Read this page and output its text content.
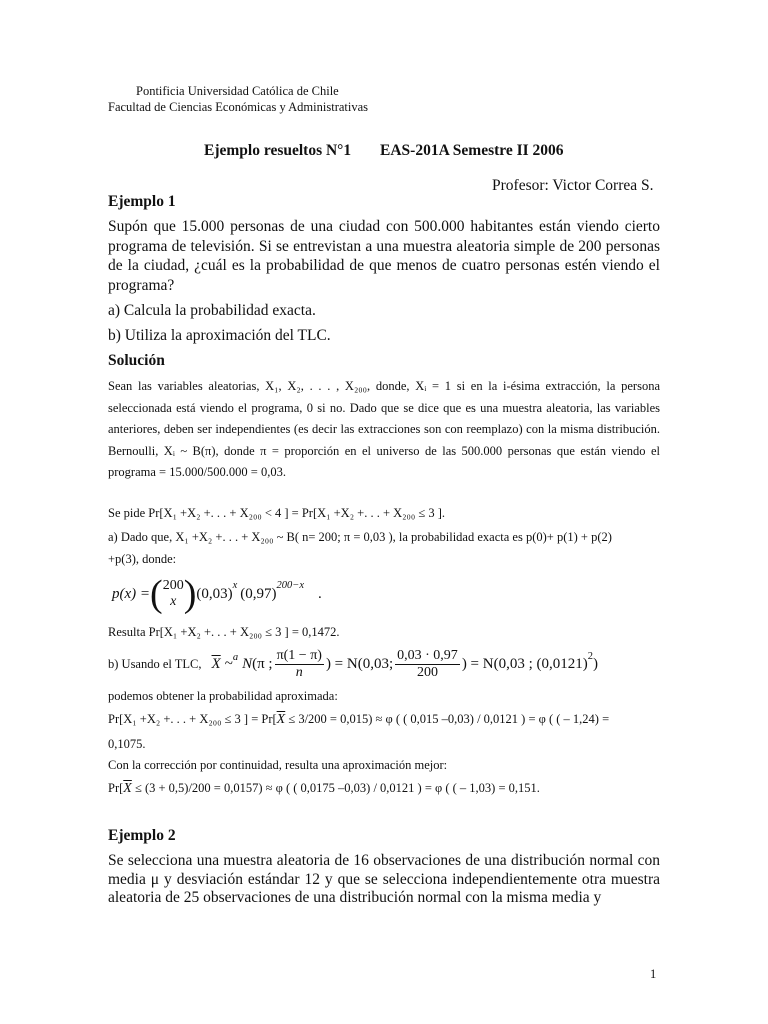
Pontificia Universidad Católica de Chile
Facultad de Ciencias Económicas y Administrativas
Ejemplo resueltos N°1 EAS-201A Semestre II 2006
Profesor: Victor Correa S.
Ejemplo 1
Supón que 15.000 personas de una ciudad con 500.000 habitantes están viendo cierto programa de televisión. Si se entrevistan a una muestra aleatoria simple de 200 personas de la ciudad, ¿cuál es la probabilidad de que menos de cuatro personas estén viendo el programa?
a) Calcula la probabilidad exacta.
b) Utiliza la aproximación del TLC.
Solución
Sean las variables aleatorias, X₁, X₂, . . . , X₂₀₀, donde, Xᵢ = 1 si en la i-ésima extracción, la persona seleccionada está viendo el programa, 0 si no. Dado que se dice que es una muestra aleatoria, las variables anteriores, deben ser independientes (es decir las extracciones son con reemplazo) con la misma distribución. Bernoulli, Xᵢ ~ B(π), donde π = proporción en el universo de las 500.000 personas que están viendo el programa = 15.000/500.000 = 0,03.
Se pide Pr[X₁ +X₂ +. . . + X₂₀₀ < 4 ] = Pr[X₁ +X₂ +. . . + X₂₀₀ ≤ 3 ].
a) Dado que, X₁ +X₂ +. . . + X₂₀₀ ~ B( n= 200; π = 0,03 ), la probabilidad exacta es p(0)+ p(1) + p(2)
+p(3), donde:
p(x) = ( 200
x ) $(0,03)^x$ $(0,97)^{200-x}$ .
Resulta Pr[X₁ +X₂ +. . . + X₂₀₀ ≤ 3 ] = 0,1472.
b) Usando el TLC, $\overline{X}$ ~$^a$ N (π ; $\frac{\pi(1 - \pi)}{n}$ ) = N(0,03; $\frac{0,03 \cdot 0,97}{200}$ ) = N(0,03 ; $(0,0121)^2$ )
podemos obtener la probabilidad aproximada:
Pr[X₁ +X₂ +. . . + X₂₀₀ ≤ 3 ] = $Pr[\overline{X} \le 3/200 = 0,015) \approx \varphi$ ( ( 0,015 –0,03) / 0,0121 ) = φ ( ( – 1,24) =
0,1075.
Con la corrección por continuidad, resulta una aproximación mejor:
$Pr[\overline{X} \le (3 + 0,5)/200 = 0,0157) \approx \varphi$ ( ( 0,0175 –0,03) / 0,0121 ) = φ ( ( – 1,03) = 0,151.
Ejemplo 2
Se selecciona una muestra aleatoria de 16 observaciones de una distribución normal con media μ y desviación estándar 12 y que se selecciona independientemente otra muestra aleatoria de 25 observaciones de una distribución normal con la misma media y
1
